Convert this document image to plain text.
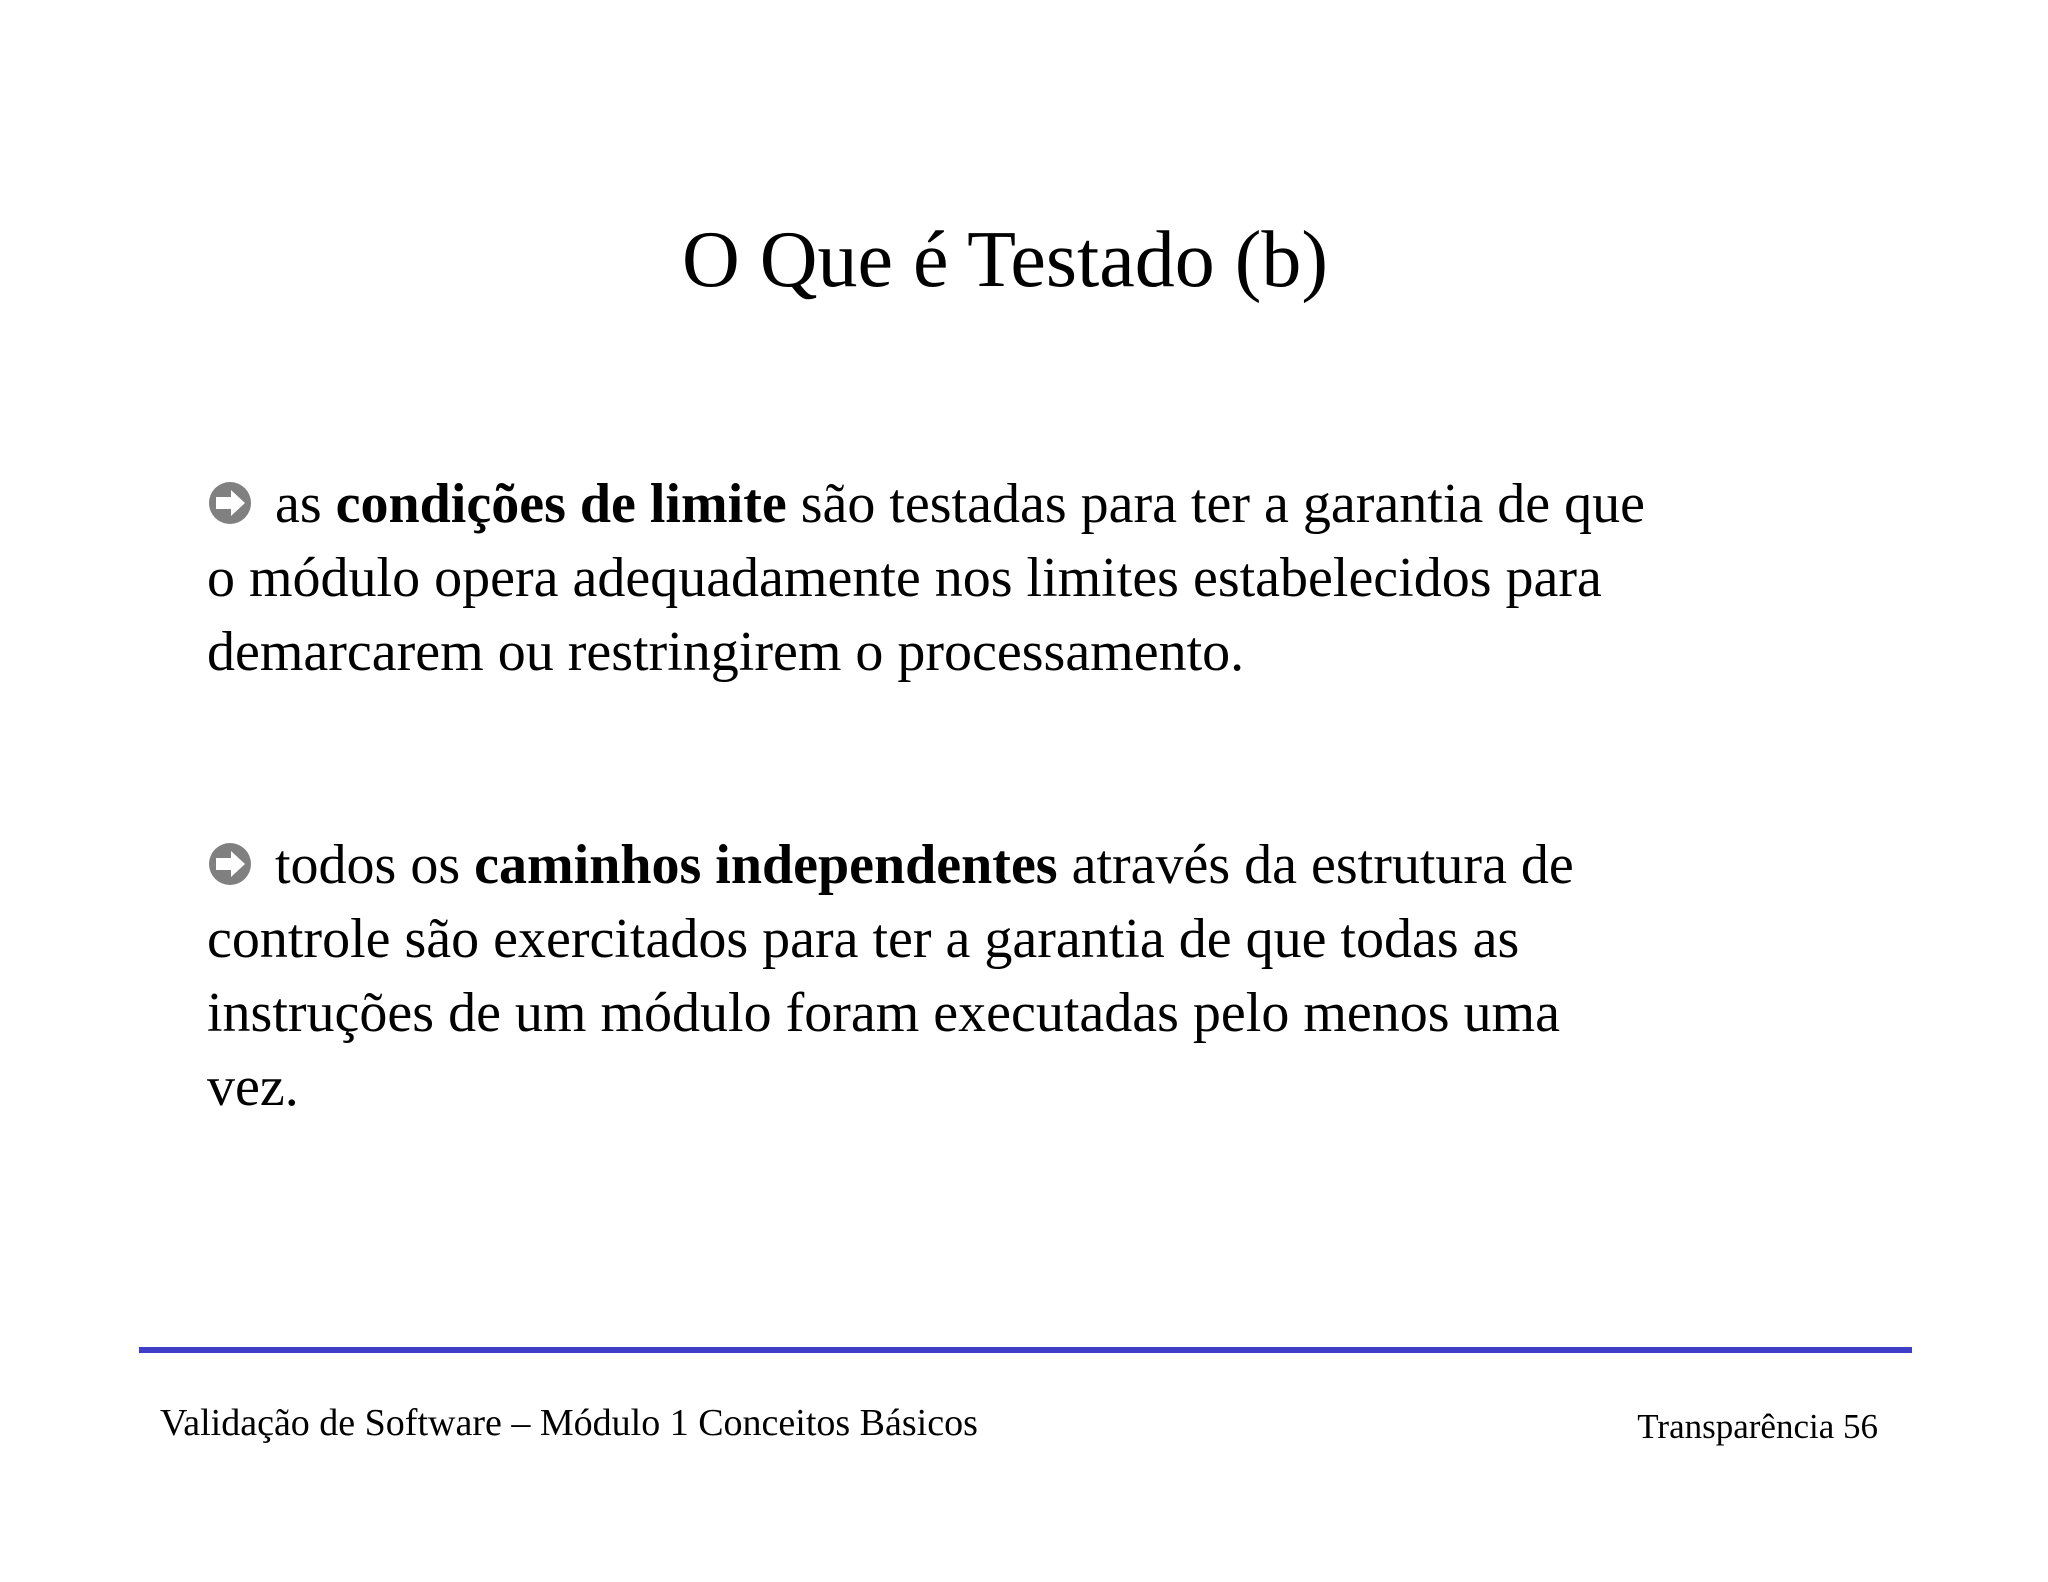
O Que é Testado (b)
as condições de limite são testadas para ter a garantia de que
o módulo opera adequadamente nos limites estabelecidos para
demarcarem ou restringirem o processamento.
todos os caminhos independentes através da estrutura de
controle são exercitados para ter a garantia de que todas as
instruções de um módulo foram executadas pelo menos uma
vez.
Validação de Software – Módulo 1 Conceitos Básicos	Transparência 56
